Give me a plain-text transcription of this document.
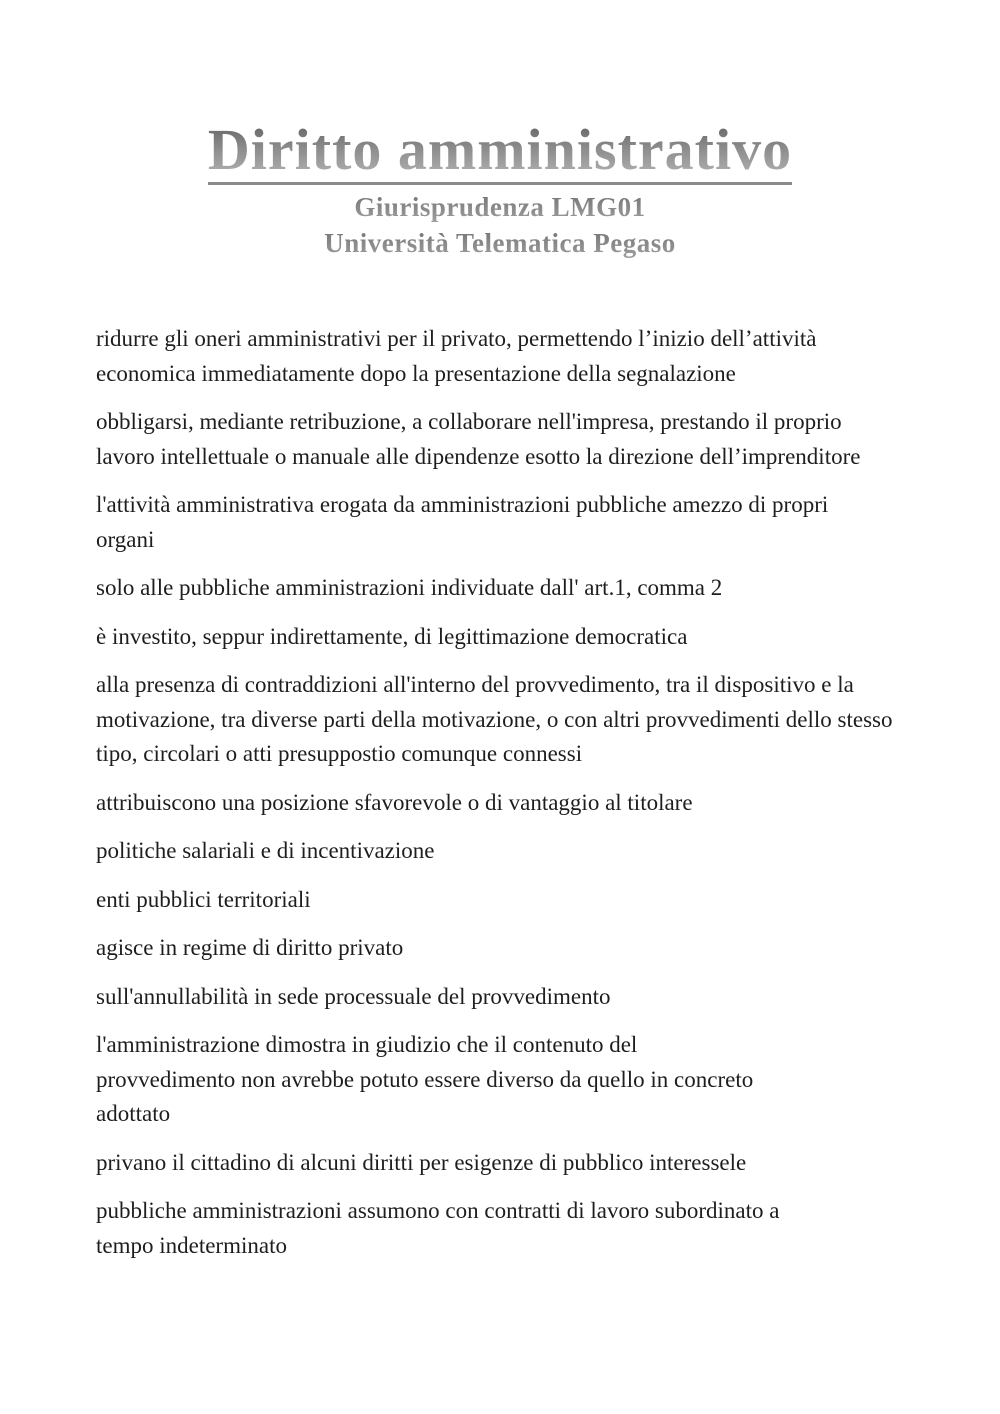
Diritto amministrativo
Giurisprudenza LMG01
Università Telematica Pegaso
ridurre gli oneri amministrativi per il privato, permettendo l’inizio dell’attività economica immediatamente dopo la presentazione della segnalazione
obbligarsi, mediante retribuzione, a collaborare nell'impresa, prestando il proprio lavoro intellettuale o manuale alle dipendenze esotto la direzione dell’imprenditore
l'attività amministrativa erogata da amministrazioni pubbliche amezzo di propri organi
solo alle pubbliche amministrazioni individuate dall' art.1, comma 2
è investito, seppur indirettamente, di legittimazione democratica
alla presenza di contraddizioni all'interno del provvedimento, tra il dispositivo e la motivazione, tra diverse parti della motivazione, o con altri provvedimenti dello stesso tipo, circolari o atti presuppostio comunque connessi
attribuiscono una posizione sfavorevole o di vantaggio al titolare
politiche salariali e di incentivazione
enti pubblici territoriali
agisce in regime di diritto privato
sull'annullabilità in sede processuale del provvedimento
l'amministrazione dimostra in giudizio che il contenuto del provvedimento non avrebbe potuto essere diverso da quello in concreto adottato
privano il cittadino di alcuni diritti per esigenze di pubblico interessele
pubbliche amministrazioni assumono con contratti di lavoro subordinato a tempo indeterminato
